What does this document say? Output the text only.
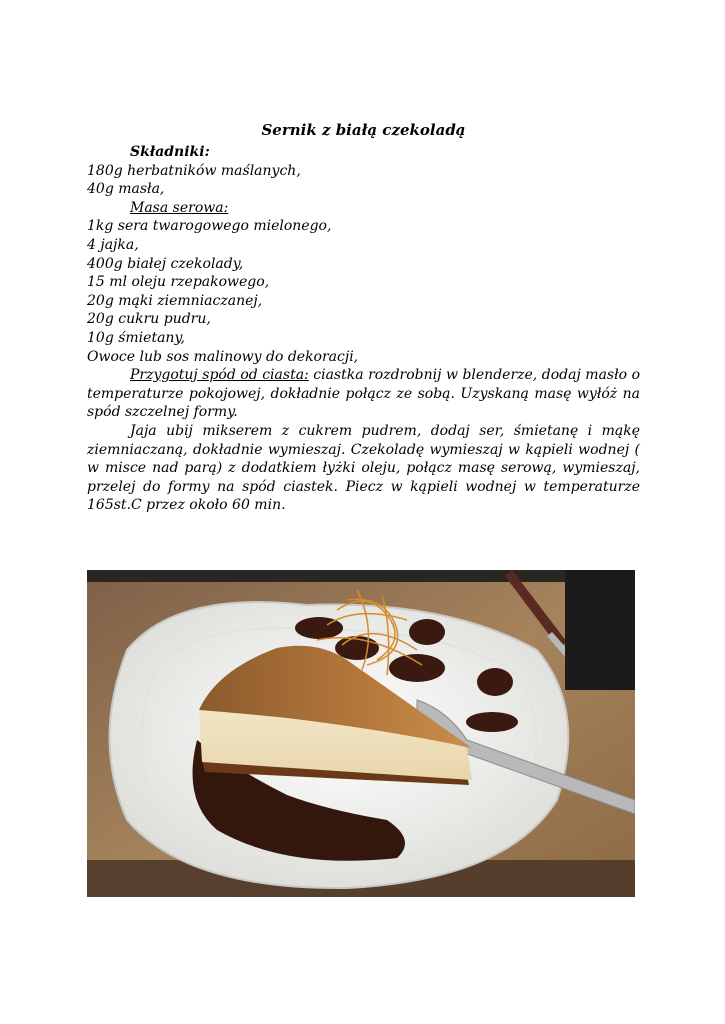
Sernik z białą czekoladą

Składniki:

180g herbatników maślanych,

40g masła,

Masa serowa:

1kg sera twarogowego mielonego,

4 jajka,

400g białej czekolady,

15 ml oleju rzepakowego,

20g mąki ziemniaczanej,

20g cukru pudru,

10g śmietany,

Owoce lub sos malinowy do dekoracji,

Przygotuj spód od ciasta: ciastka rozdrobnij w blenderze, dodaj masło o temperaturze pokojowej, dokładnie połącz ze sobą. Uzyskaną masę wyłóż na spód szczelnej formy.

Jaja ubij mikserem z cukrem pudrem, dodaj ser, śmietanę i mąkę ziemniaczaną, dokładnie wymieszaj. Czekoladę wymieszaj w kąpieli wodnej ( w misce nad parą) z dodatkiem łyżki oleju, połącz masę serową, wymieszaj, przelej do formy na spód ciastek. Piecz w kąpieli wodnej w temperaturze 165st.C przez około 60 min.
